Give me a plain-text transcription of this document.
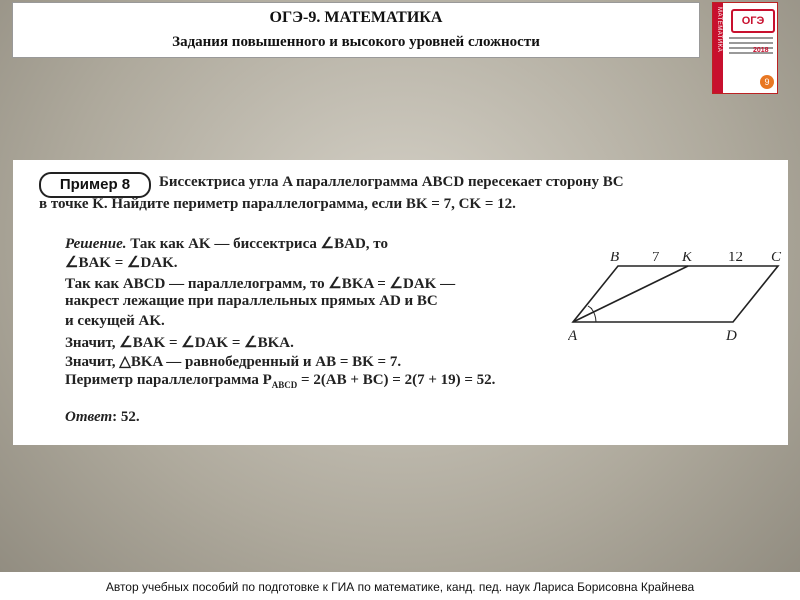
ОГЭ-9. МАТЕМАТИКА
Задания повышенного и высокого уровней сложности	МАТЕМАТИКА	ОГЭ
2018
9
Пример 8	Биссектриса угла A параллелограмма ABCD пересекает сторону BC
в точке K. Найдите периметр параллелограмма, если BK = 7, CK = 12.
Решение. Так как AK — биссектриса ∠BAD, то
∠BAK = ∠DAK.
Так как ABCD — параллелограмм, то ∠BKA = ∠DAK —
накрест лежащие при параллельных прямых AD и BC
и секущей AK.
Значит, ∠BAK = ∠DAK = ∠BKA.
Значит, △BKA — равнобедренный и AB = BK = 7.
Периметр параллелограмма $P_{ABCD} = 2(AB + BC) = 2(7 + 19) = 52$.
Ответ: 52.
B 7 K 12 C
A	D
Автор учебных пособий по подготовке к ГИА по математике, канд. пед. наук Лариса Борисовна Крайнева
